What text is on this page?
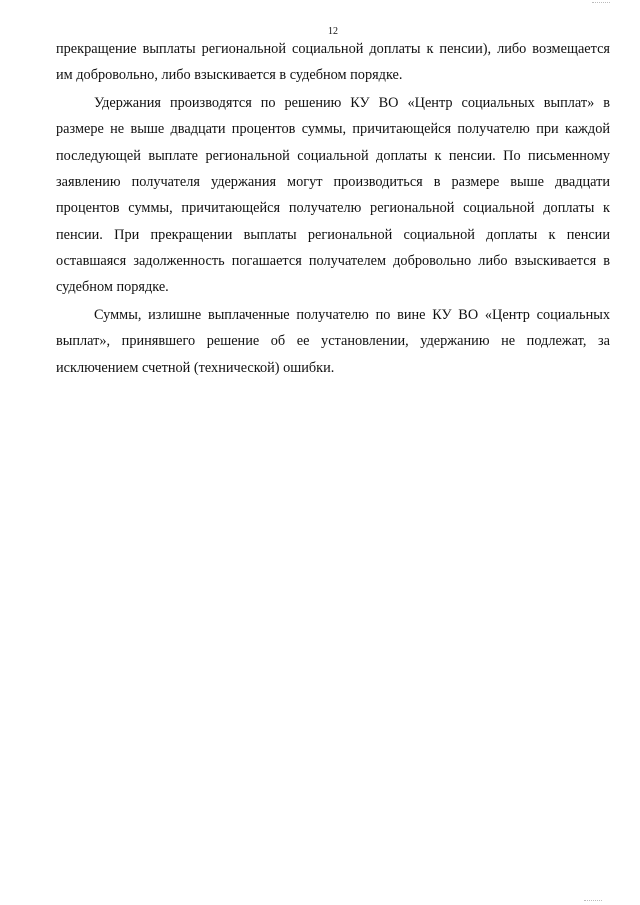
12

прекращение выплаты региональной социальной доплаты к пенсии), либо возмещается им добровольно, либо взыскивается в судебном порядке.

Удержания производятся по решению КУ ВО «Центр социальных выплат» в размере не выше двадцати процентов суммы, причитающейся получателю при каждой последующей выплате региональной социальной доплаты к пенсии. По письменному заявлению получателя удержания могут производиться в размере выше двадцати процентов суммы, причитающейся получателю региональной социальной доплаты к пенсии. При прекращении выплаты региональной социальной доплаты к пенсии оставшаяся задолженность погашается получателем добровольно либо взыскивается в судебном порядке.

Суммы, излишне выплаченные получателю по вине КУ ВО «Центр социальных выплат», принявшего решение об ее установлении, удержанию не подлежат, за исключением счетной (технической) ошибки.
